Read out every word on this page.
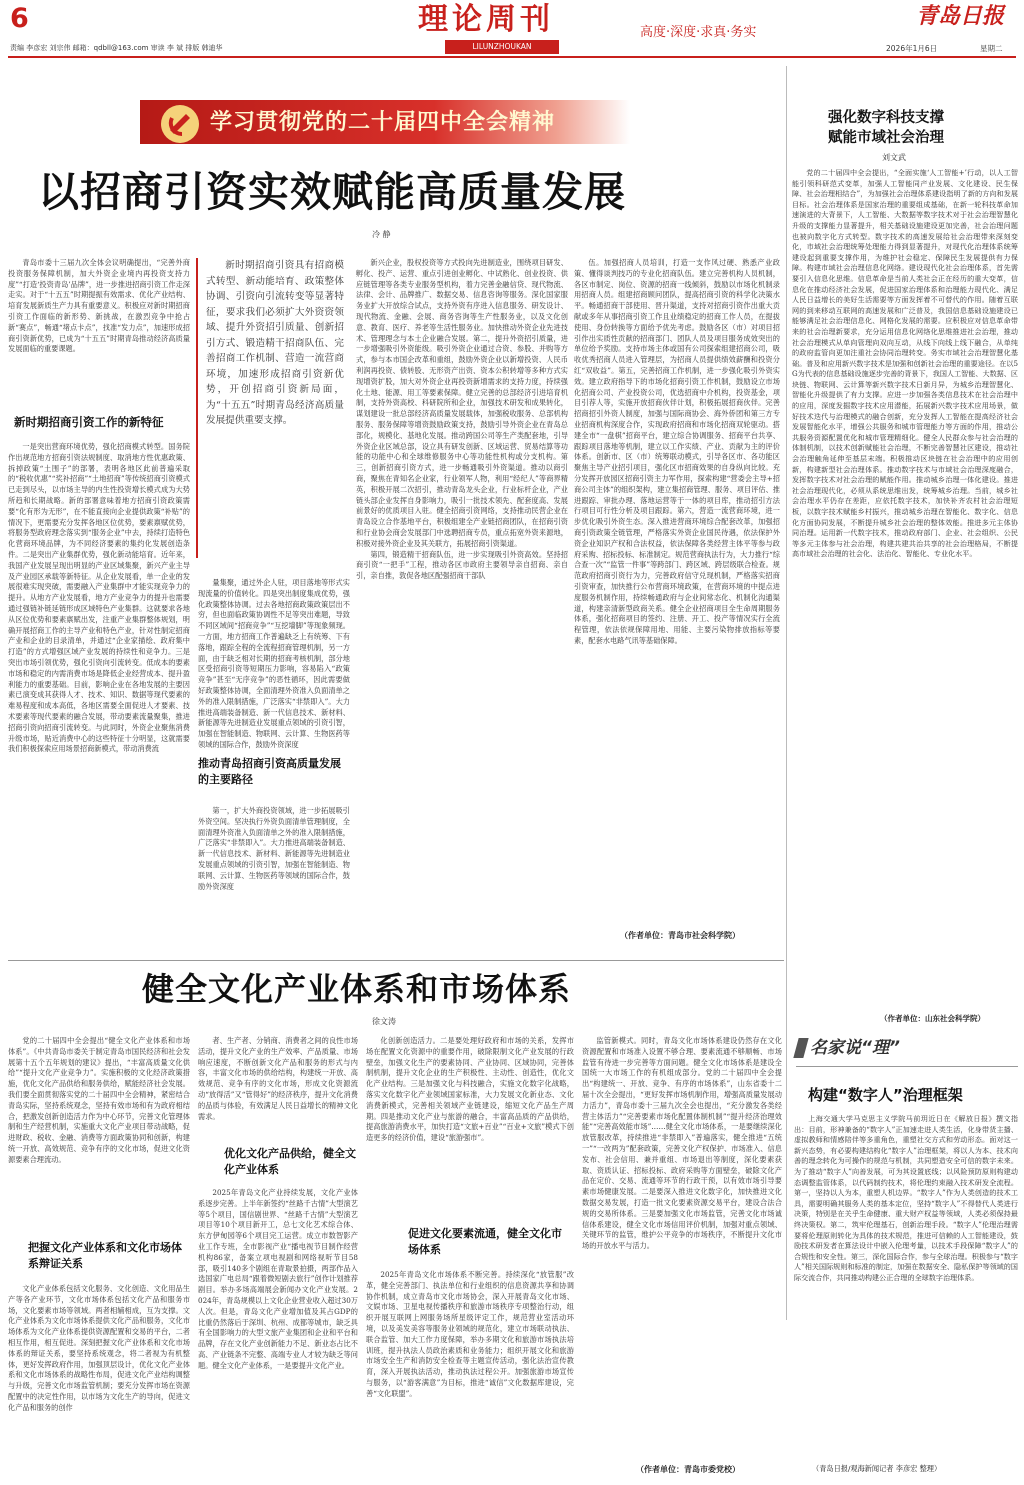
6
责编 李彦宏 刘宗伟 邮箱：qdbll@163.com 审读 李 斌 排版 韩迪华
理论周刊
LILUNZHOUKAN
青岛日报
高度·深度·求真·务实
2026年1月6日	星期二
学习贯彻党的二十届四中全会精神
以招商引资实效赋能高质量发展
冷 静

青岛市委十三届九次全体会议明确提出，“完善外商投资服务保障机制，加大外资企业境内再投资支持力度”“打造‘投资青岛’品牌”，进一步推进招商引资工作走深走实。对于“十五五”时期提振有效需求、优化产业结构、培育发展新质生产力具有重要意义。积极应对新时期招商引资工作面临的新形势、新挑战，在激烈竞争中抢占新“赛点”，畅通“堵点卡点”，找准“发力点”，加速形成招商引资新优势，已成为“十五五”时期青岛推动经济高质量发展面临的重要课题。

新时期招商引资工作的新特征

一是突出营商环境优势，强化招商模式转型。国务院作出规范地方招商引资法规制度、取消地方性优惠政策、拆掉政策“土围子”的部署，表明各地区此前普遍采取的“税收优惠”“奖补招商”“土地招商”等传统招商引资模式已走到尽头，以市场主导的内生性投资增长模式成为大势所趋和长期战略。新的部署意味着地方招商引资政策需要“化有形为无形”，在不能直接向企业提供政策“补贴”的情况下，更需要充分发挥各地区位优势，要素禀赋优势，将服务型政府理念落实到“服务企业”中去，持续打造特色化营商环境品牌，为不同经济要素的集约化发展创造条件。二是突出产业集群优势，强化新动能培育。近年来，我国产业发展呈现出明显的产业区域集聚，新兴产业主导及产业园区承载等新特征。从企业发展看，单一企业的发展很难实现突破，需要融入产业集群中才能实现竞争力的提升。从地方产业发展看，地方产业竞争力的提升也需要通过强链补链延链形成区域特色产业集群。这就要求各地从区位优势和要素禀赋出发，注重产业集群整体规划，明确开展招商工作的主导产业和特色产业，针对性制定招商产业和企业的目录清单，并通过“企业家描绘、政府集中打造”的方式增强区域产业发展的持续性和竞争力。三是突出市场引领优势，强化引资向引流转变。低成本的要素市场和稳定的内需消费市场是降低企业经营成本、提升盈利能力的重要基础。目前，影响企业在各地发展的主要因素已演变成其获得人才、技术、知识、数据等现代要素的难易程度和成本高低，各地区需要全面促进人才要素、技术要素等现代要素的融合发展，带动要素流量聚集，推进招商引资向招商引流转变。与此同时，外资企业聚焦消费升级市场，贴近消费中心的这些特征十分明显，这就需要我们积极探索应用场景招商新模式，带动消费流

新时期招商引资具有招商模式转型、新动能培育、政策整体协调、引资向引流转变等显著特征，要求我们必须扩大外资资领域、提升外资招引质量、创新招引方式、锻造精干招商队伍、完善招商工作机制、营造一流营商环境，加速形成招商引资新优势，开创招商引资新局面，为“十五五”时期青岛经济高质量发展提供重要支撑。

量集聚，通过外企人驻，项目落地等形式实现流量的价值转化。四是突出制度集成优势，强化政策整体协调。过去各地招商政策政策层出不穷，但也面临政策协调性不足等突出难题，导致不同区域间“招商竞争”“互挖墙脚”等现象频现。一方面，地方招商工作普遍缺乏上有统筹、下有落地，跟踪全程的全流程招商管理机制，另一方面，由于缺乏相对长期的招商考核机制，部分地区受招商引资等短期压力影响，容易陷入“政策竞争”甚至“无序竞争”的恶性循环，因此需要做好政策整体协调，全面清理外资准入负面清单之外的准入限制措施，广泛落实“非禁即入”。大力推进高端装备制造、新一代信息技术、新材料、新能源等先进制造业发展重点领域的引资引智，加强在智能制造、物联网、云计算、生物医药等领域的国际合作，鼓励外资深度

推动青岛招商引资高质量发展的主要路径

第一，扩大外商投资领域，进一步拓展吸引外资空间。坚决执行外资负面清单管理制度，全面清理外资准入负面清单之外的准入限制措施，广泛落实“非禁即入”。大力推进高端装备制造、新一代信息技术、新材料、新能源等先进制造业发展重点领域的引资引智，加强在智能制造、物联网、云计算、生物医药等领域的国际合作，鼓励外资深度

新兴企业，股权投资等方式投向先进制造业，围绕项目研发、孵化、投产、运营、重点引进创业孵化、中试熟化、创业投资、供应链管理等各类专业服务型机构，着力完善金融信贷、现代物流、法律、会计、品牌推广、数据交易、信息咨询等服务。深化国家服务业扩大开放综合试点，支持外资有序进入信息服务、研发设计、现代物流、金融、会展、商务咨询等生产性服务业，以及文化创意、教育、医疗、养老等生活性服务业。加快推动外资企业先进技术、管理理念与本土企业融合发展。第二，提升外资招引质量，进一步增强吸引外资能级。吸引外资企业通过合资、参股、并购等方式，参与本市国企改革和重组，鼓励外资企业以新增投资、人民币利润再投资、债转股、无形资产出资、资本公积转增等多种方式实现增资扩股，加大对外资企业再投资新增需求的支持力度，持续强化土地、能源、用工等要素保障。健立完善的总部经济引进培育机制，支持外资高校、科研院所和企业，加强技术研发和成果转化，谋划建设一批总部经济高质量发展载体，加强税收服务、总部机构服务、服务保障等增资鼓励政策支持，鼓励引导外资企业在青岛总部化，规模化、基地化发展。推动跨国公司等生产类配套地，引导外资企业区域总部，设立具有研发创新、区域运营、贸易结算等功能的功能中心和全球维修服务中心等功能性机构或分支机构。第三，创新招商引资方式，进一步畅通吸引外资渠道。推动以商引商，聚焦在青知名企业家，行业领军人物，利用“经纪人”等商界精英，积极开展二次招引，推动青岛龙头企业，行业标杆企业，产业链头部企业发挥自身影响力，吸引一批技术领先、配套度高、发展前景好的优质项目入驻。健全招商引资网络，支持推动民营企业在青岛设立合作基地平台，积极组建全产业链招商团队，在招商引资和行业协会商会发展部门中选聘招商专员，重点拓宽外资来源地，积极对接外资企业及其关联方，拓展招商引资渠道。

第四，锻造精干招商队伍，进一步实现吸引外资高效。坚持招商引资“一把手”工程，推动各区市政府主要领导亲自招商、亲自引，亲自推，敦促各地区配强招商干部队

伍。加强招商人员培训，打造一支作风过硬、熟悉产业政策、懂得谈判技巧的专业化招商队伍。建立完善机构人员机制，各区市制定、岗位、资源的招商一线倾斜，鼓励以市场化机制录用招商人员。组建招商顾问团队，提高招商引资的科学化决策水平。畅通招商干部使用、晋升渠道，支持对招商引资作出重大贡献或多年从事招商引资工作且业绩稳定的招商工作人员，在提拔使用、身份转换等方面给予优先考虑。鼓励各区（市）对项目招引作出实质性贡献的招商部门、团队人员及项目服务成效突出的单位给予奖励。支持市场主体或国有公司探索组建招商公司，吸收优秀招商人员进入管理层，为招商人员提供绩效薪酬和投资分红“双收益”。第五，完善招商工作机制，进一步强化吸引外资实效。建立政府指导下的市场化招商引资工作机制，鼓励设立市场化招商公司、产业投资公司，优选招商中介机构，投资基金，项目引荐人等，实施开放招商伙伴计划，积极拓展招商伙伴。完善招商招引外资人制度，加强与国际商协会、海外侨团和第三方专业招商机构深度合作，实现政府招商和市场化招商双轮驱动。搭建全市“一盘棋”招商平台，建立综合协调服务、招商平台共享、跟踪项目落地等机制，建立以工作实绩、产业、贡献为主的评价体系。创新市、区（市）统筹联动模式，引导各区市、各功能区聚焦主导产业招引项目，强化区市招商效果的自身纵向比较。充分发挥开放园区招商引资主力军作用，探索构建“营委会主导+招商公司主体”的组织架构，建立集招商管理、服务、项目评估、推进跟踪、审批办理、落地运营等于一体的项目库，推动招引方法行项目可行性分析及项目跟踪。第六，营造一流营商环境，进一步优化吸引外资生态。深入推进营商环境综合配套改革，加强招商引资政策全链管理，严格落实外资企业国民待遇，依法保护外资企业知识产权和合法权益，依法保障各类经营主体平等参与政府采购、招标投标、标准制定。规范营商执法行为，大力推行“综合查一次”“监管一件事”等跨部门、跨区域、跨层级联合检查。规范政府招商引资行为力，完善政府信守兑现机制，严格落实招商引资审查，加快推行公布营商环境政策，在营商环境的中提点进度服务机制作用，持续畅通政府与企业间常态化、机制化沟通渠道，构建亲清新型政商关系。健全企业招商项目全生命周期服务体系，强化招商项目的签约、注册、开工、投产等情况实行全流程管理，依法依规保障用地、用能、主要污染物排放指标等要素，配套水电路气讯等基础保障。

（作者单位：青岛市社会科学院）
强化数字科技支撑
赋能市域社会治理
刘文武

党的二十届四中全会提出，“全面实施‘人工智能+’行动，以人工智能引领科研范式变革，加强人工智能同产业发展、文化建设、民生保障、社会治理相结合”，为加强社会治理体系建设指明了新的方向和发展目标。社会治理体系是国家治理的重要组成基础，在新一轮科技革命加速演进的大背景下，人工智能、大数据等数字技术对于社会治理智慧化升级的支撑能力显著提升，相关基础设施建设更加完善，社会治理问题也被向数字化方式转型。数字技术的高速发展给社会治理带来深刻变化，市域社会治理统筹处理能力得到显著提升，对现代化治理体系统筹建设起到重要支撑作用，为维护社会稳定、保障民生发展提供有力保障。构建市域社会治理信息化网络。建设现代化社会治理体系，首先需要引入信息化思维。信息革命是当前人类社会正在经历的重大变革，信息化在推动经济社会发展，促进国家治理体系和治理能力现代化、满足人民日益增长的美好生活需要等方面发挥着不可替代的作用。随着互联网的到来移动互联网的高速发展和广泛普及，我国信息基础设施建设已能够满足社会治理信息化、网格化发展的需要。应积极应对信息革命带来的社会治理新要求，充分运用信息化网络化思维推进社会治理，推动社会治理模式从单向管理向双向互动，从线下向线上线下融合，从单纯的政府监管向更加注重社会协同治理转变。务实市域社会治理智慧化基础。普及和应用新兴数字技术是加强和创新社会治理的重要途径。在以5G为代表的信息基础设施逐步完善的背景下，我国人工智能、大数据、区块链、物联网、云计算等新兴数字技术日新月异，为城乡治理智慧化、智能化升级提供了有力支撑。应进一步加强各类信息技术在社会治理中的应用，深度发掘数字技术应用潜能，拓展新兴数字技术应用场景，做好技术迭代与治理模式的融合创新，充分发挥人工智能在提高经济社会发展智能化水平，增强公共服务和城市管理能力等方面的作用，推动公共服务资源配置优化和城市管理精细化。健全人民群众参与社会治理的体制机制，以技术创新赋能社会治理，不断完善智慧社区建设，推动社会治理触角延伸至基层末端。积极推动区块链在社会治理中的应用创新，构建新型社会治理体系。推动数字技术与市域社会治理深度融合，发挥数字技术对社会治理的赋能作用。推动城乡治理一体化建设。推进社会治理现代化，必须从系统思维出发，统筹城乡治理。当前，城乡社会治理水平仍存在差距，应依托数字技术，加快补齐农村社会治理短板，以数字技术赋能乡村振兴，推动城乡治理在智能化、数字化、信息化方面协同发展，不断提升城乡社会治理的整体效能。推进多元主体协同治理。运用新一代数字技术，推动政府部门、企业、社会组织、公民等多元主体参与社会治理，构建共建共治共享的社会治理格局，不断提高市域社会治理的社会化、法治化、智能化、专业化水平。

（作者单位：山东社会科学院）
名家说“理”
构建“数字人”治理框架

上海交通大学马克思主义学院马前玥近日在《解放日报》撰文指出：目前，形神兼备的“数字人”正加速走进人类生活，化身带货主播、虚拟教师和情感陪伴等多重角色，重塑社交方式和劳动形态。面对这一新兴态势，有必要构建结构化“数字人”治理框架，将以人为本、技术向善的理念转化为可操作的规范与机制，共同塑造安全可信的数字未来。为了推动“数字人”向善发展，可为其设置底线；以风险预防原则构建动态调整监管体系，以代码制约技术，将伦理约束融入技术研发全流程。第一，坚持以人为本，重塑人机边界。“数字人”作为人类创造的技术工具，需要明确其服务人类的基本定位，坚持“数字人”不得替代人类进行决策，特别是在关乎生命健康、重大财产权益等领域，人类必须保持最终决策权。第二，筑牢伦理基石，创新治理手段。“数字人”伦理治理需要将伦理原则转化为具体的技术规范，推进可信赖的人工智能建设，鼓励技术研发者在算法设计中嵌入伦理考量，以技术手段保障“数字人”的合规性和安全性。第三，深化国际合作，参与全球治理。积极参与“数字人”相关国际规则和标准的制定，加强在数据安全、隐私保护等领域的国际交流合作，共同推动构建公正合理的全球数字治理体系。

（青岛日报/观海新闻记者 李彦宏 整理）
健全文化产业体系和市场体系
徐文涛

党的二十届四中全会提出“健全文化产业体系和市场体系”。《中共青岛市委关于制定青岛市国民经济和社会发展第十五个五年规划的建议》提出，“丰富高质量文化供给”“提升文化产业竞争力”。实施积极的文化经济政策措施，优化文化产品供给和服务供给，赋能经济社会发展。我们要全面贯彻落实党的二十届四中全会精神，紧密结合青岛实际，坚持系统观念，坚持有效市场和有为政府相结合，把激发创新创造活力作为中心环节，完善文化管理体制和生产经营机制，实施重大文化产业项目带动战略，促进财政、税收、金融、消费等方面政策协同和创新，构建统一开放、高效规范、竞争有序的文化市场，促进文化资源要素合理流动。

把握文化产业体系和文化市场体系辩证关系

文化产业体系包括文化服务、文化创造、文化用品生产等各产业环节，文化市场体系包括文化产品和服务市场，文化要素市场等领域。两者相辅相成，互为支撑。文化产业体系为文化市场体系提供文化产品和服务，文化市场体系为文化产业体系提供资源配置和交易的平台，二者相互作用，相互促进。深刻把握文化产业体系和文化市场体系的辩证关系，要坚持系统观念，将二者视为有机整体，更好发挥政府作用，加强顶层设计，优化文化产业体系和文化市场体系的战略性布局，促进文化产业结构调整与升级，完善文化市场监管机制；要充分发挥市场在资源配置中的决定性作用，以市场为文化生产的导向，促进文化产品和服务的创作

者、生产者、分销商、消费者之间的良性市场活动，提升文化产业的生产效率、产品质量、市场响应速度，不断创新文化产品和服务的形式与内容，丰富文化市场的供给结构，构建统一开放、高效规范、竞争有序的文化市场，形成文化资源流动“放得活”又“管得好”的经济秩序，提升文化消费的品质与体验，有效满足人民日益增长的精神文化需求。

优化文化产品供给，健全文化产业体系

2025年青岛文化产业持续发展，文化产业体系逐步完善。上半年新签约“丝路千古情”大型演艺等5个项目，国信剧世界、“丝路千古情”大型演艺项目等10个项目新开工，总七文化艺术综合体、东方伊甸园等6个项目完工运营。成立市数智影产业工作专班，全市影视产业“播电视节目制作经营机构86家，备案立项电视剧和网络视听节目58部，吸引140多个剧组在青取景拍摄，两部作品入选国家广电总局“跟着微短剧去旅行”创作计划推荐剧目。举办多场高端展会新闻办文化产业发展。2024年，青岛规模以上文化企业营业收入超过30万人次。但是，青岛文化产业增加值及其占GDP的比重仍然落后于深圳、杭州、成都等城市，缺乏具有全国影响力的大型文旅产业集团和企业和平台和品牌，存在文化产业创新能力不足、新业态占比不高、产业链条不完整、高端专业人才较为缺乏等问题。健全文化产业体系，一是要提升文化产业。

化创新创造活力。二是要处理好政府和市场的关系，发挥市场在配置文化资源中的重要作用，破除限制文化产业发展的行政壁垒，加强文化生产的要素协同、产业协同、区域协同，完善体制机制，提升文化企业的生产积极性、主动性、创造性，优化文化产业结构。三是加强文化与科技融合，实施文化数字化战略，落实文化数字化产业领域国家标准，大力发展文化新业态、文化消费新模式，完善相关领域产业链建设，缩短文化产品生产周期。四是推动文化产业与旅游的融合，丰富高品质的产品供给，提高旅游消费水平，加快打造“文旅+百业”“百业+文旅”模式下创造更多的经济价值，建设“旅游强市”。

促进文化要素流通，健全文化市场体系

2025年青岛文化市场体系不断完善。持续深化“放管服”改革，健全完善部门、执法单位和行业组织的信息资源共享和协调协作机制，成立青岛市文化市场协会，深入开展青岛文化市场、文娱市场、卫星电视传播秩序和旅游市场秩序专项整治行动，组织开展互联网上网服务场所星级评定工作，规范营业室活动环境，以及美发美容等服务业领域的规范化，建立市场联动执法、联合监管、加大工作力度保障，举办多期文化和旅游市场执法培训班，提升执法人员政治素质和业务能力；组织开展文化和旅游市场安全生产和消防安全检查等主题宣传活动，强化法治宣传教育，深入开展执法活动，推动执法过程公开。加强旅游市场宣传与服务，以“游客满意”为目标，推进“诚信”文化数据库建设，完善“文化联盟”。

监管新模式。同时，青岛文化市场体系建设仍然存在文化资源配置和市场准入设置不够合理、要素流通不够顺畅、市场监管有待进一步完善等方面问题。健全文化市场体系是建设全国统一大市场工作的有机组成部分。党的二十届四中全会提出“构建统一、开放、竞争、有序的市场体系”，山东省委十二届十次全会提出，“更好发挥市场机制作用，增强高质量发展动力活力”，青岛市委十三届九次全会也提出，“充分激发各类经营主体活力”“完善要素市场化配置体制机制”“提升经济治理效能”“完善高效能市场”……健全文化市场体系，一是要继续深化放管服改革，持续推进“非禁即入”普遍落实，健全推进“五统一”“一改两为”配套政策，完善文化产权保护、市场准入、信息发布、社会信用、兼并重组、市场退出等制度，深化要素获取、资质认证、招标投标、政府采购等方面壁垒，破除文化产品在定价、交易、流通等环节的行政干预，以有效市场引导要素市场健康发展。二是要深入推进文化数字化，加快推进文化数据交易发展，打造一批文化要素资源交易平台，建设合法合规的交易所体系。三是要加强文化市场监管，完善文化市场诚信体系建设，健全文化市场信用评价机制，加强对重点领域、关键环节的监管，维护公平竞争的市场秩序，不断提升文化市场的开放水平与活力。

（作者单位：青岛市委党校）
